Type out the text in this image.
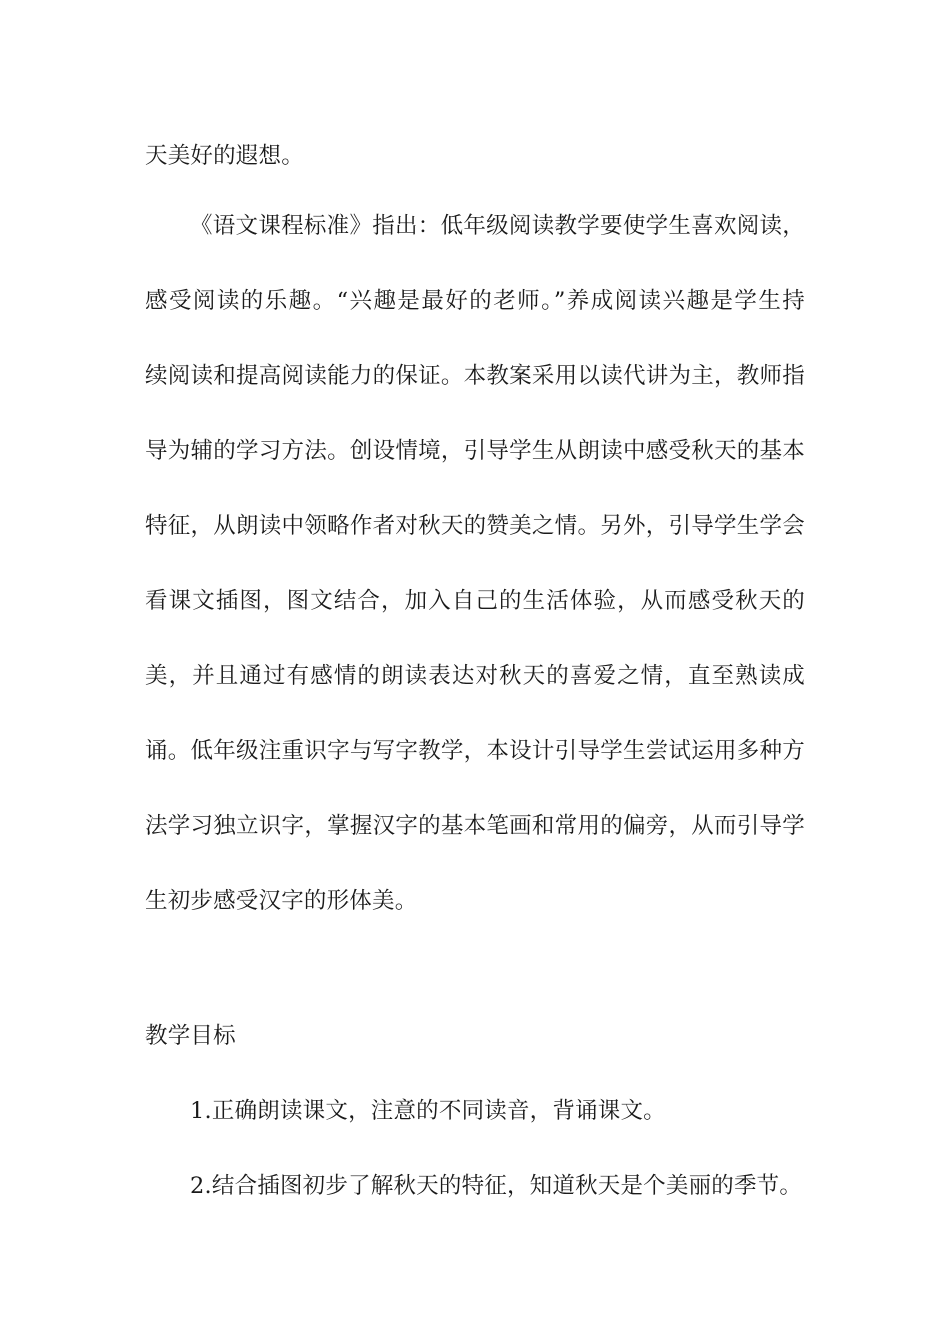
天美好的遐想。
《语文课程标准》指出：低年级阅读教学要使学生喜欢阅读，
感受阅读的乐趣。“兴趣是最好的老师。”养成阅读兴趣是学生持
续阅读和提高阅读能力的保证。本教案采用以读代讲为主，教师指
导为辅的学习方法。创设情境，引导学生从朗读中感受秋天的基本
特征，从朗读中领略作者对秋天的赞美之情。另外，引导学生学会
看课文插图，图文结合，加入自己的生活体验，从而感受秋天的
美，并且通过有感情的朗读表达对秋天的喜爱之情，直至熟读成
诵。低年级注重识字与写字教学，本设计引导学生尝试运用多种方
法学习独立识字，掌握汉字的基本笔画和常用的偏旁，从而引导学
生初步感受汉字的形体美。
教学目标
1.正确朗读课文，注意的不同读音，背诵课文。
2.结合插图初步了解秋天的特征，知道秋天是个美丽的季节。
